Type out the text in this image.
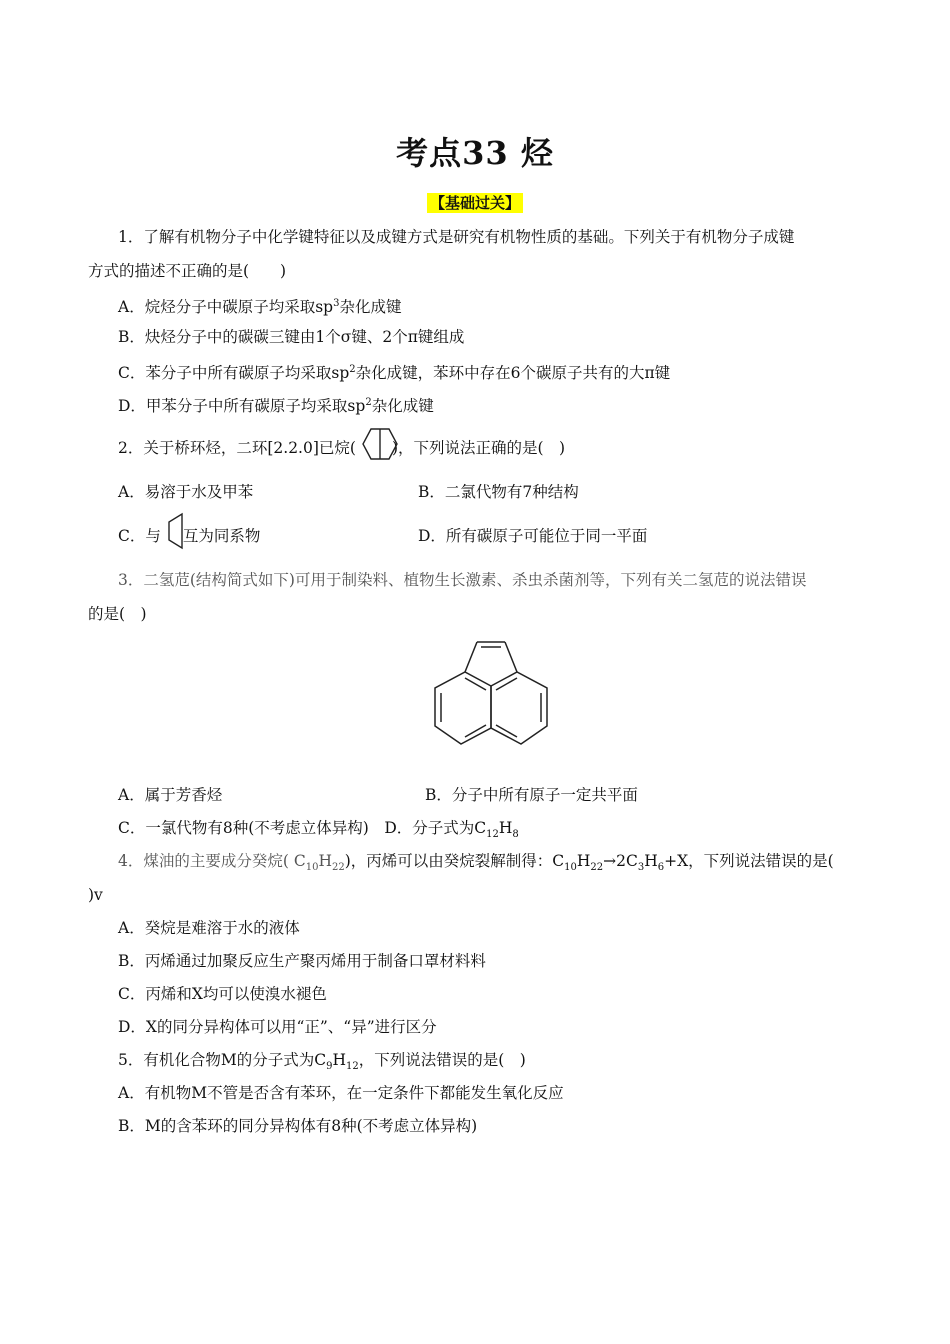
考点33 烃
【基础过关】
1．了解有机物分子中化学键特征以及成键方式是研究有机物性质的基础。下列关于有机物分子成键
方式的描述不正确的是(　　)
A．烷烃分子中碳原子均采取$sp^3$杂化成键
B．炔烃分子中的碳碳三键由1个σ键、2个π键组成
C．苯分子中所有碳原子均采取$sp^2$杂化成键，苯环中存在6个碳原子共有的大π键
D．甲苯分子中所有碳原子均采取$sp^2$杂化成键
2．关于桥环烃，二环[2.2.0]已烷( )，下列说法正确的是(　)
A．易溶于水及甲苯	B．二氯代物有7种结构
C．与 互为同系物	D．所有碳原子可能位于同一平面
3．二氢苊(结构简式如下)可用于制染料、植物生长激素、杀虫杀菌剂等，下列有关二氢苊的说法错误
的是(　)
A．属于芳香烃	B．分子中所有原子一定共平面
C．一氯代物有8种(不考虑立体异构)　D．分子式为$C_{12}H_8$
4．煤油的主要成分癸烷( $C_{10}H_{22}$)，丙烯可以由癸烷裂解制得：$C_{10}H_{22}\to 2C_3H_6+X$，下列说法错误的是(
)v
A．癸烷是难溶于水的液体
B．丙烯通过加聚反应生产聚丙烯用于制备口罩材料料
C．丙烯和X均可以使溴水褪色
D．X的同分异构体可以用“正”、“异”进行区分
5．有机化合物M的分子式为$C_9H_{12}$，下列说法错误的是(　)
A．有机物M不管是否含有苯环，在一定条件下都能发生氧化反应
B．M的含苯环的同分异构体有8种(不考虑立体异构)
